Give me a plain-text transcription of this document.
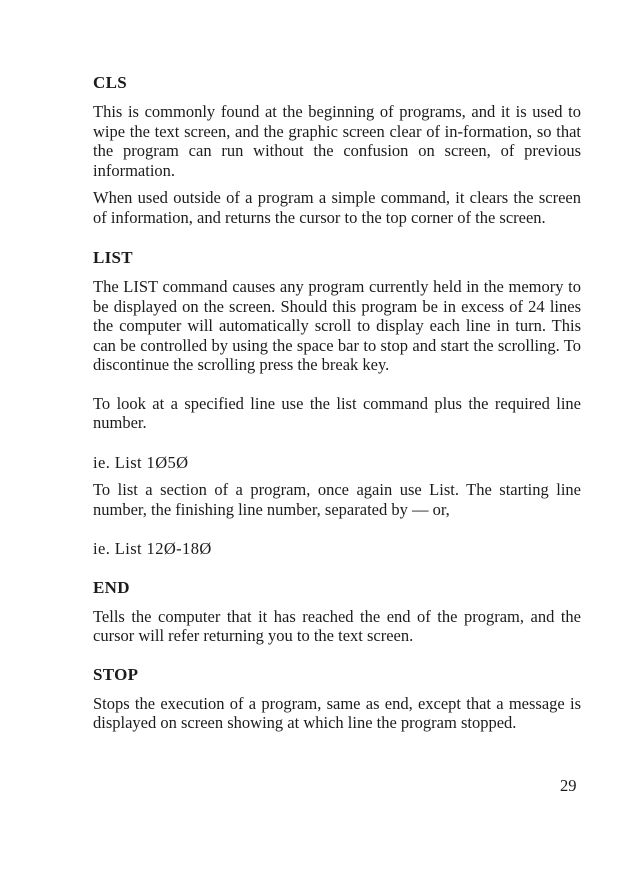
CLS

This is commonly found at the beginning of programs, and it is used to wipe the text screen, and the graphic screen clear of in-formation, so that the program can run without the confusion on screen, of previous information.

When used outside of a program a simple command, it clears the screen of information, and returns the cursor to the top corner of the screen.

LIST

The LIST command causes any program currently held in the memory to be displayed on the screen. Should this program be in excess of 24 lines the computer will automatically scroll to display each line in turn. This can be controlled by using the space bar to stop and start the scrolling. To discontinue the scrolling press the break key.

To look at a specified line use the list command plus the required line number.

ie. List 1Ø5Ø

To list a section of a program, once again use List. The starting line number, the finishing line number, separated by — or,

ie. List 12Ø-18Ø

END

Tells the computer that it has reached the end of the program, and the cursor will refer returning you to the text screen.

STOP

Stops the execution of a program, same as end, except that a message is displayed on screen showing at which line the program stopped.

29
